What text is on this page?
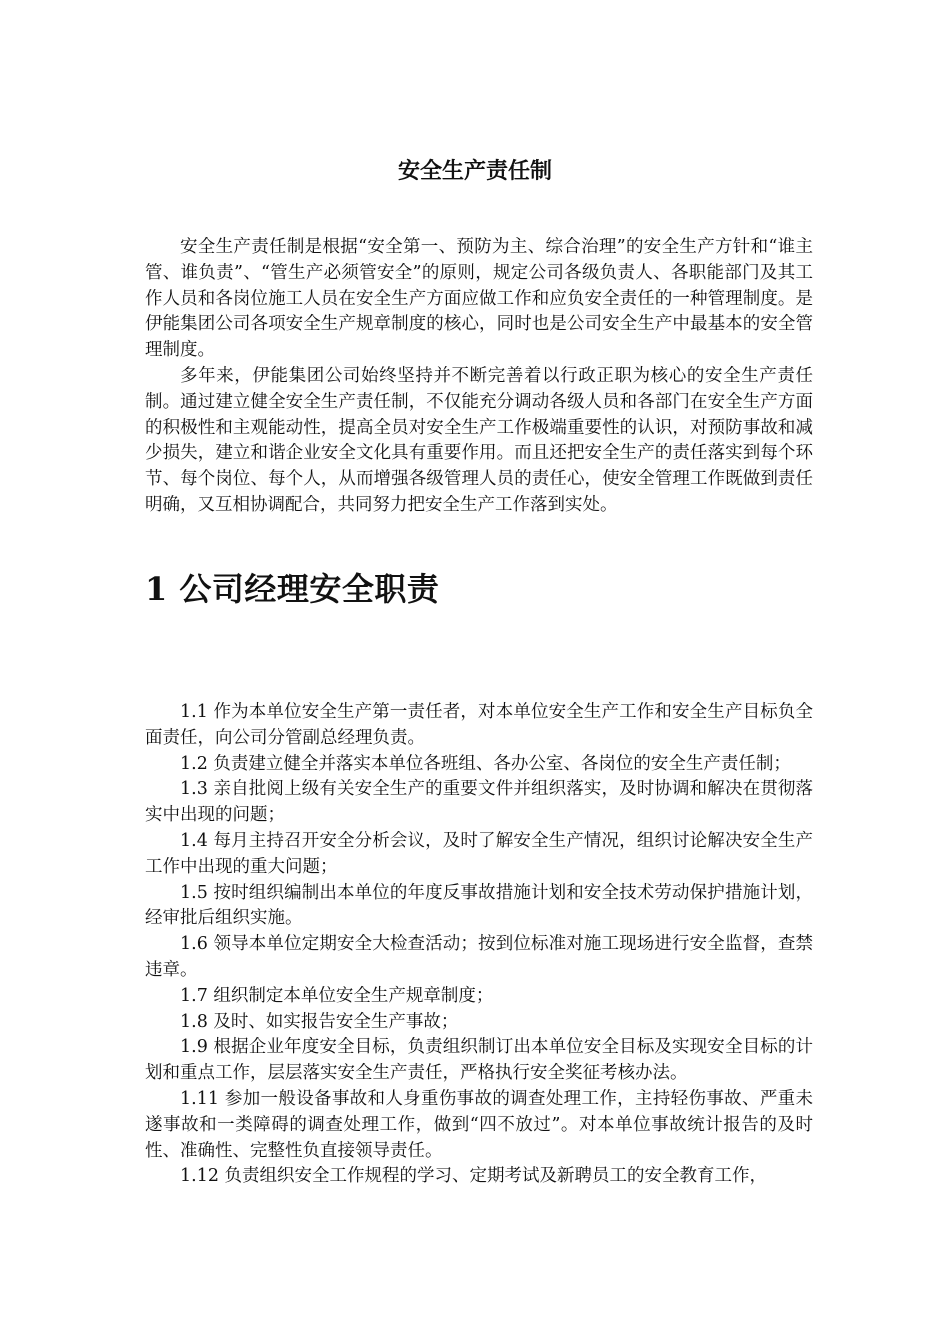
安全生产责任制

安全生产责任制是根据“安全第一、预防为主、综合治理”的安全生产方针和“谁主管、谁负责”、“管生产必须管安全”的原则，规定公司各级负责人、各职能部门及其工作人员和各岗位施工人员在安全生产方面应做工作和应负安全责任的一种管理制度。是伊能集团公司各项安全生产规章制度的核心，同时也是公司安全生产中最基本的安全管理制度。

多年来，伊能集团公司始终坚持并不断完善着以行政正职为核心的安全生产责任制。通过建立健全安全生产责任制，不仅能充分调动各级人员和各部门在安全生产方面的积极性和主观能动性，提高全员对安全生产工作极端重要性的认识，对预防事故和减少损失，建立和谐企业安全文化具有重要作用。而且还把安全生产的责任落实到每个环节、每个岗位、每个人，从而增强各级管理人员的责任心，使安全管理工作既做到责任明确，又互相协调配合，共同努力把安全生产工作落到实处。

1 公司经理安全职责

1.1 作为本单位安全生产第一责任者，对本单位安全生产工作和安全生产目标负全面责任，向公司分管副总经理负责。

1.2 负责建立健全并落实本单位各班组、各办公室、各岗位的安全生产责任制；

1.3 亲自批阅上级有关安全生产的重要文件并组织落实，及时协调和解决在贯彻落实中出现的问题；

1.4 每月主持召开安全分析会议，及时了解安全生产情况，组织讨论解决安全生产工作中出现的重大问题；

1.5 按时组织编制出本单位的年度反事故措施计划和安全技术劳动保护措施计划，经审批后组织实施。

1.6 领导本单位定期安全大检查活动；按到位标准对施工现场进行安全监督，查禁违章。

1.7 组织制定本单位安全生产规章制度；

1.8 及时、如实报告安全生产事故；

1.9 根据企业年度安全目标，负责组织制订出本单位安全目标及实现安全目标的计划和重点工作，层层落实安全生产责任，严格执行安全奖征考核办法。

1.11 参加一般设备事故和人身重伤事故的调查处理工作，主持轻伤事故、严重未遂事故和一类障碍的调查处理工作，做到“四不放过”。对本单位事故统计报告的及时性、准确性、完整性负直接领导责任。

1.12 负责组织安全工作规程的学习、定期考试及新聘员工的安全教育工作，
